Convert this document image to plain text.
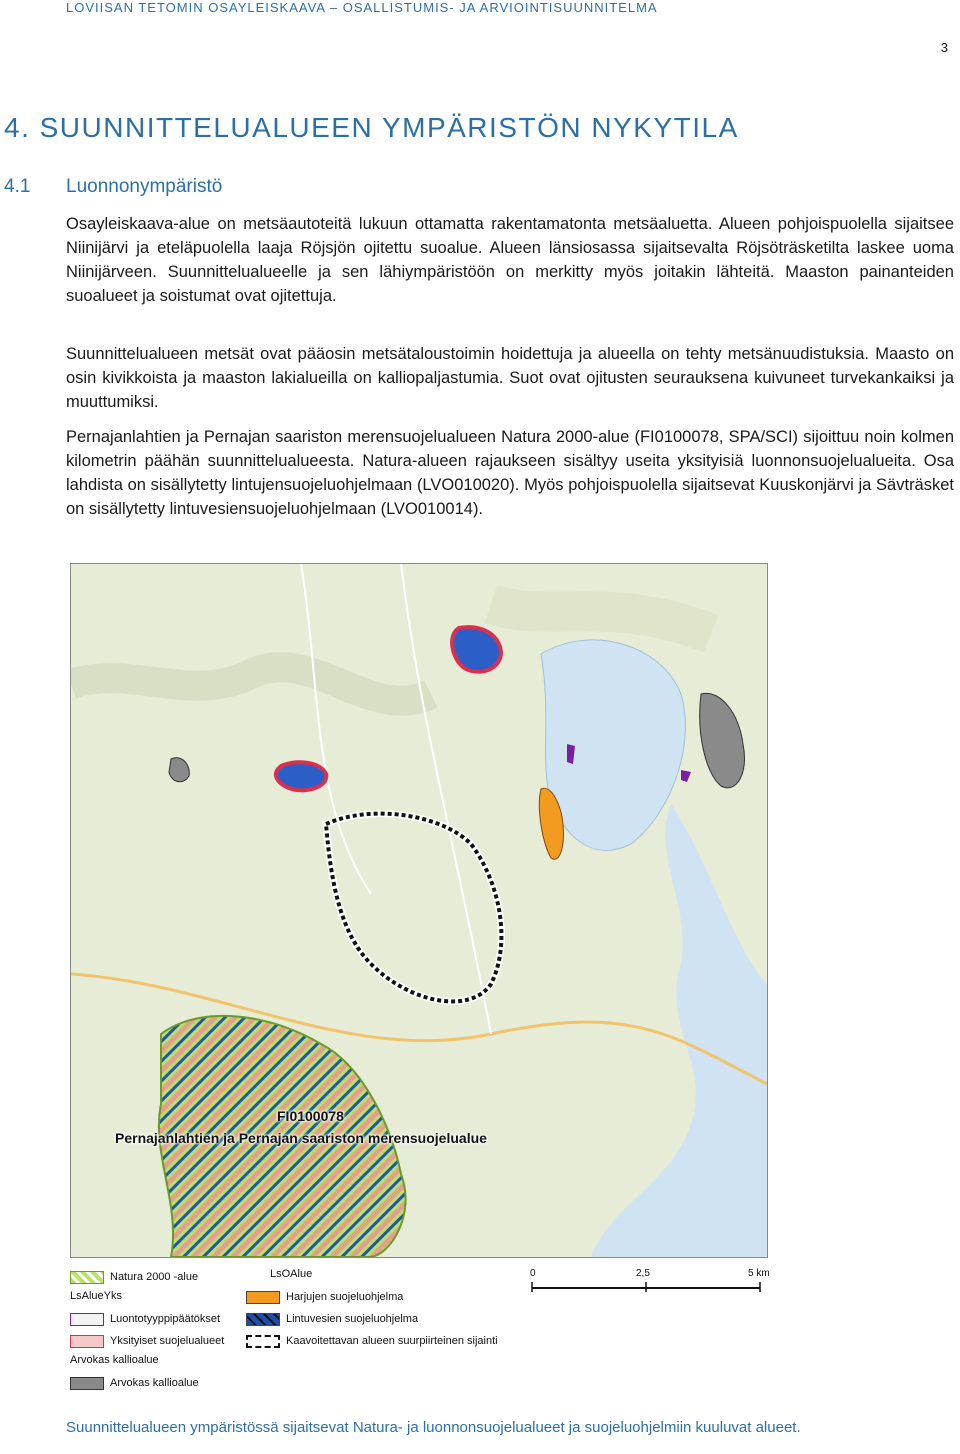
LOVIISAN TETOMIN OSAYLEISKAAVA – OSALLISTUMIS- JA ARVIOINTISUUNNITELMA
3
4. SUUNNITTELUALUEEN YMPÄRISTÖN NYKYTILA
4.1 Luonnonympäristö

Osayleiskaava-alue on metsäautoteitä lukuun ottamatta rakentamatonta metsäaluetta. Alueen pohjoispuolella sijaitsee Niinijärvi ja eteläpuolella laaja Röjsjön ojitettu suoalue. Alueen länsiosassa sijaitsevalta Röjsöträsketilta laskee uoma Niinijärveen. Suunnittelualueelle ja sen lähiympäristöön on merkitty myös joitakin lähteitä. Maaston painanteiden suoalueet ja soistumat ovat ojitettuja.

Suunnittelualueen metsät ovat pääosin metsätaloustoimin hoidettuja ja alueella on tehty metsänuudistuksia. Maasto on osin kivikkoista ja maaston lakialueilla on kalliopaljastumia. Suot ovat ojitusten seurauksena kuivuneet turvekankaiksi ja muuttumiksi.

Pernajanlahtien ja Pernajan saariston merensuojelualueen Natura 2000-alue (FI0100078, SPA/SCI) sijoittuu noin kolmen kilometrin päähän suunnittelualueesta. Natura-alueen rajaukseen sisältyy useita yksityisiä luonnonsuojelualueita. Osa lahdista on sisällytetty lintujensuojeluohjelmaan (LVO010020). Myös pohjoispuolella sijaitsevat Kuuskonjärvi ja Sävträsket on sisällytetty lintuvesiensuojeluohjelmaan (LVO010014).

FI0100078
Pernajanlahtien ja Pernajan saariston merensuojelualue
Natura 2000 -alue
LsAlueYks
Luontotyyppipäätökset
Yksityiset suojelualueet
Arvokas kallioalue
Arvokas kallioalue
LsOAlue
Harjujen suojeluohjelma
Lintuvesien suojeluohjelma
Kaavoitettavan alueen suurpiirteinen sijainti
0	2,5	5 km

Suunnittelualueen ympäristössä sijaitsevat Natura- ja luonnonsuojelualueet ja suojeluohjelmiin kuuluvat alueet.
